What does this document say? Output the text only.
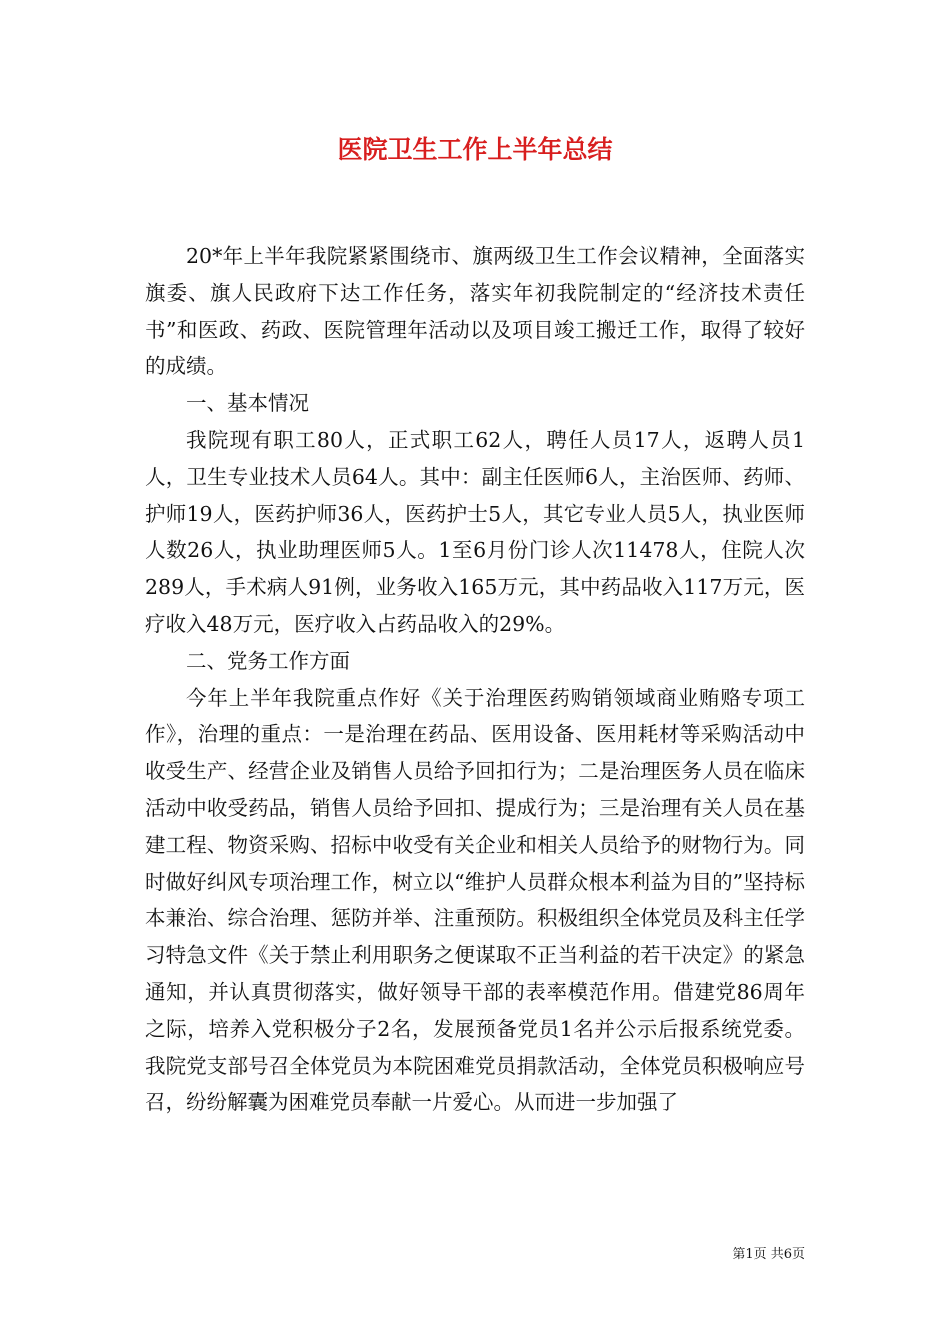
医院卫生工作上半年总结

20*年上半年我院紧紧围绕市、旗两级卫生工作会议精神，全面落实旗委、旗人民政府下达工作任务，落实年初我院制定的“经济技术责任书”和医政、药政、医院管理年活动以及项目竣工搬迁工作，取得了较好的成绩。

一、基本情况

我院现有职工80人，正式职工62人，聘任人员17人，返聘人员1人，卫生专业技术人员64人。其中：副主任医师6人，主治医师、药师、护师19人，医药护师36人，医药护士5人，其它专业人员5人，执业医师人数26人，执业助理医师5人。1至6月份门诊人次11478人，住院人次289人，手术病人91例，业务收入165万元，其中药品收入117万元，医疗收入48万元，医疗收入占药品收入的29%。

二、党务工作方面

今年上半年我院重点作好《关于治理医药购销领域商业贿赂专项工作》，治理的重点：一是治理在药品、医用设备、医用耗材等采购活动中收受生产、经营企业及销售人员给予回扣行为；二是治理医务人员在临床活动中收受药品，销售人员给予回扣、提成行为；三是治理有关人员在基建工程、物资采购、招标中收受有关企业和相关人员给予的财物行为。同时做好纠风专项治理工作，树立以“维护人员群众根本利益为目的”坚持标本兼治、综合治理、惩防并举、注重预防。积极组织全体党员及科主任学习特急文件《关于禁止利用职务之便谋取不正当利益的若干决定》的紧急通知，并认真贯彻落实，做好领导干部的表率模范作用。借建党86周年之际，培养入党积极分子2名，发展预备党员1名并公示后报系统党委。我院党支部号召全体党员为本院困难党员捐款活动，全体党员积极响应号召，纷纷解囊为困难党员奉献一片爱心。从而进一步加强了

第1页 共6页
